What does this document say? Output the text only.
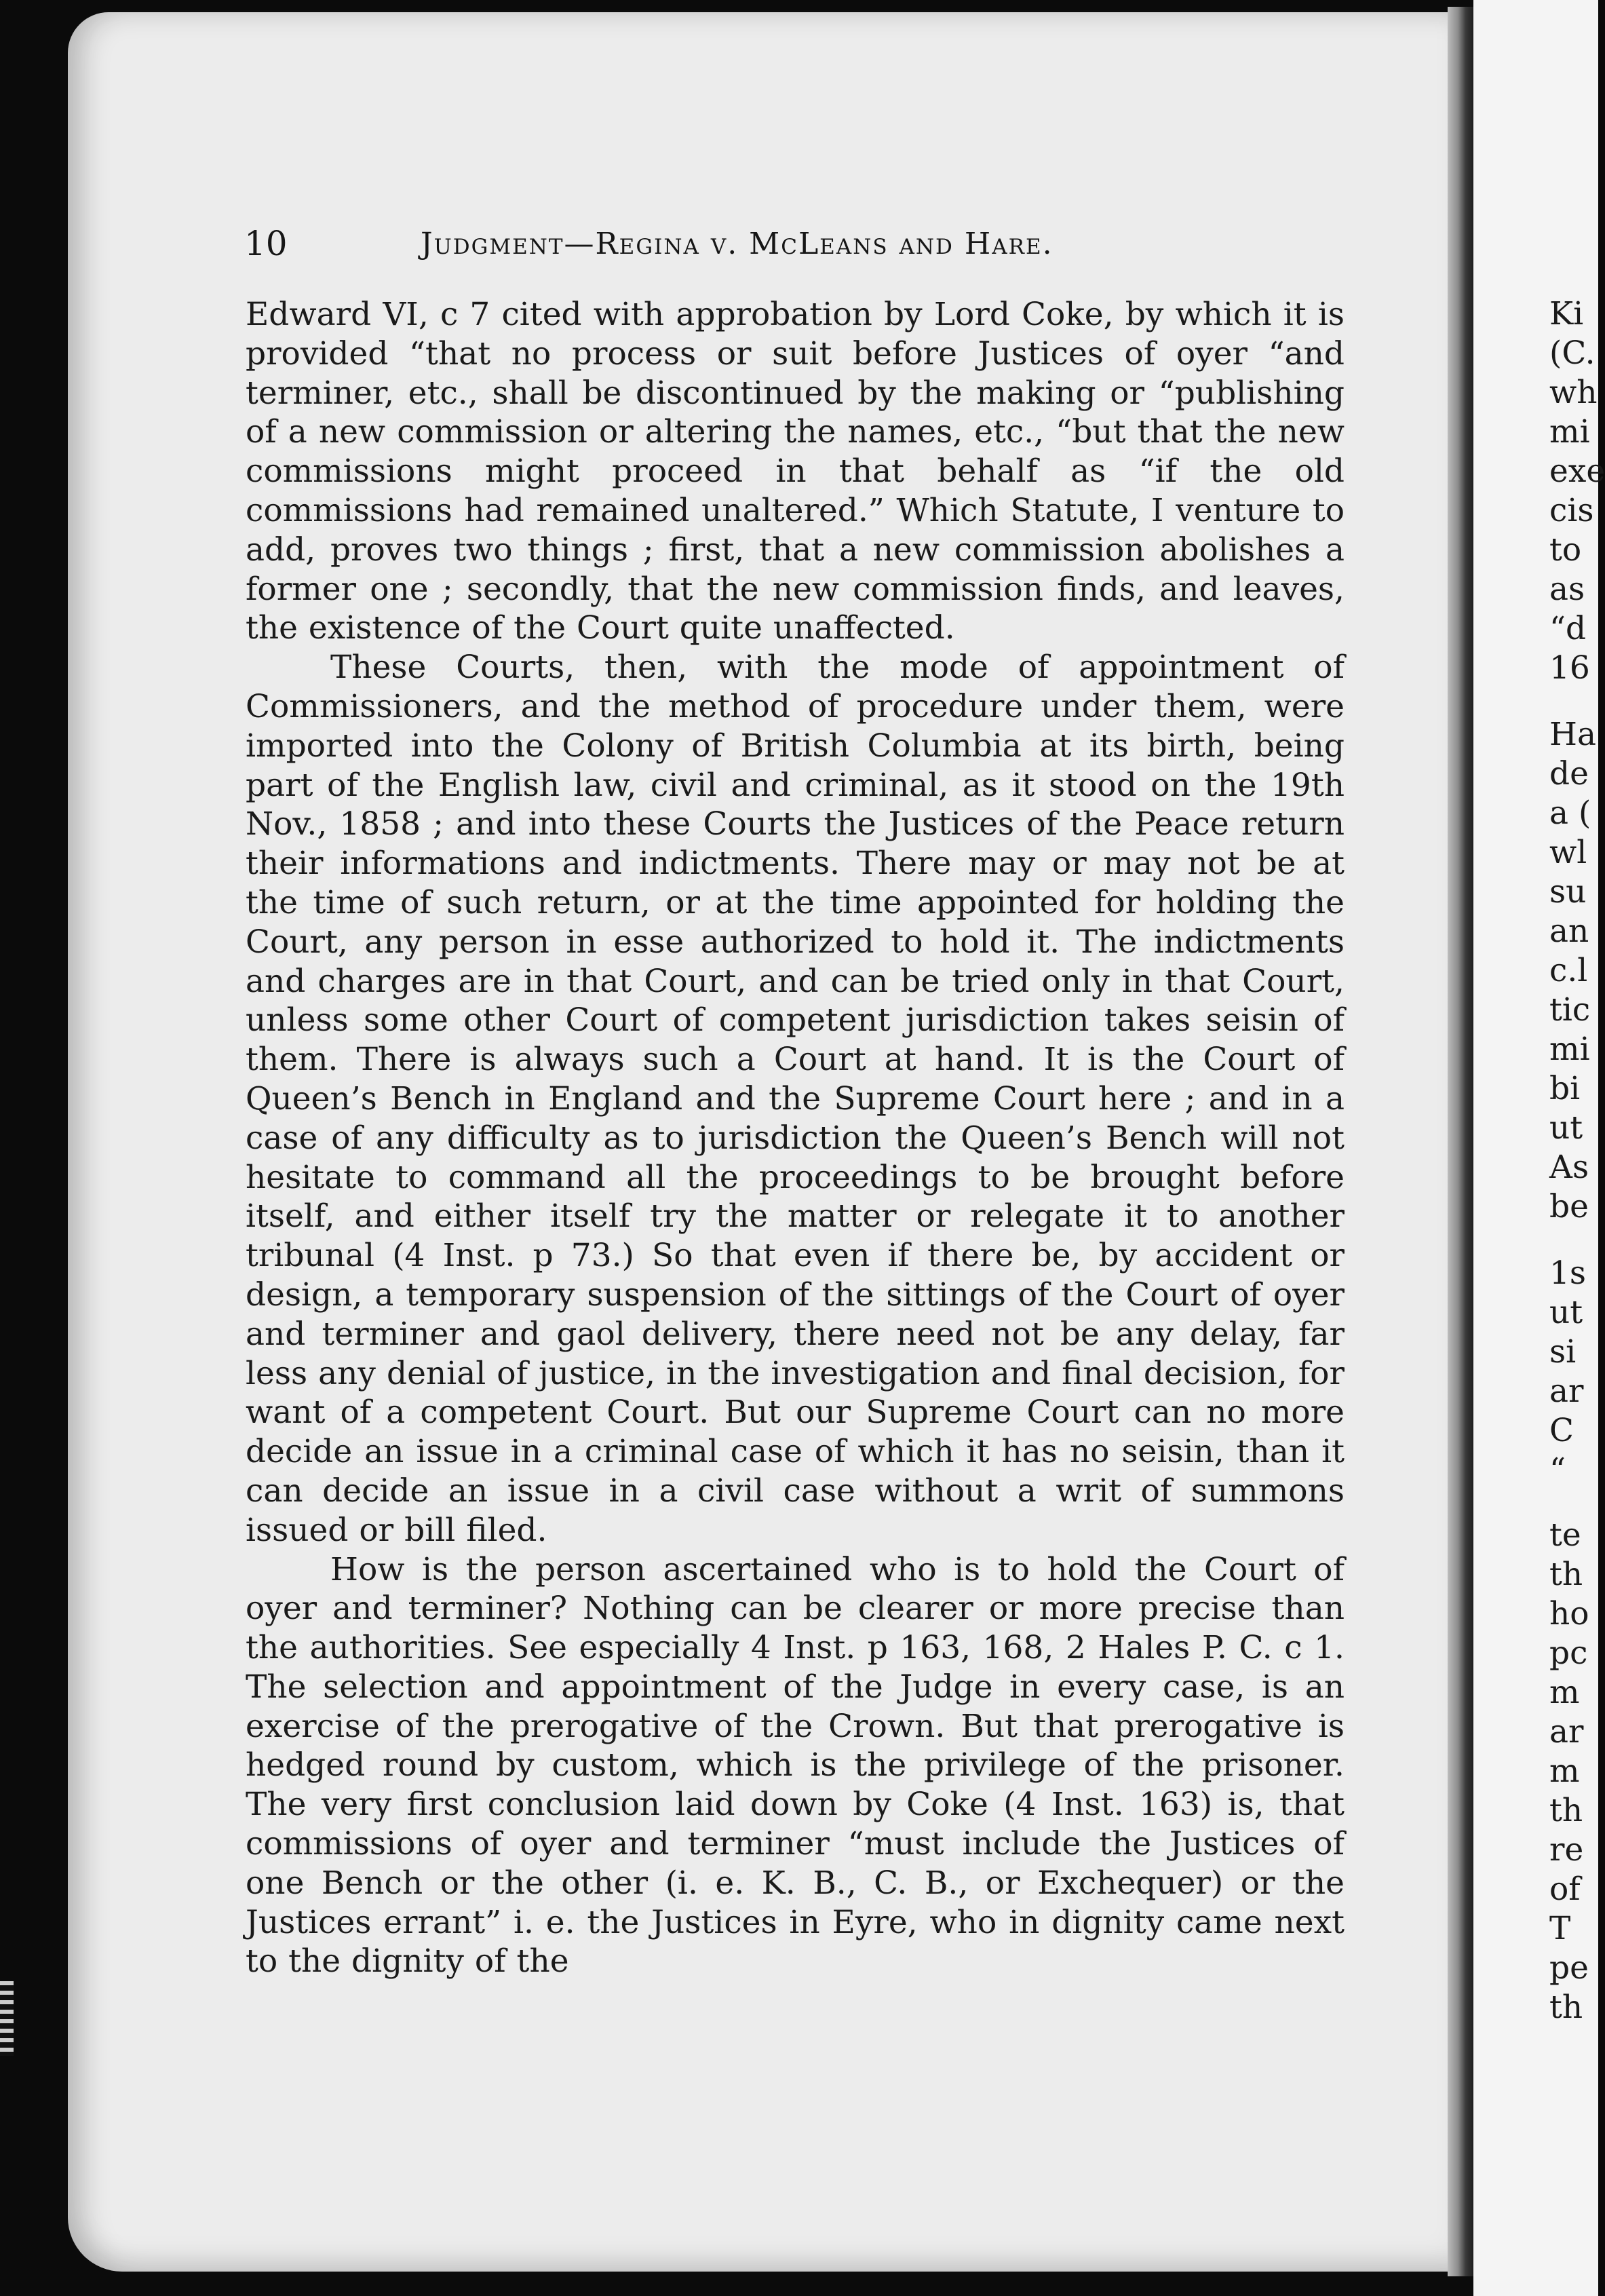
10	Judgment—Regina v. McLeans and Hare.

Edward VI, c 7 cited with approbation by Lord Coke, by which it is provided “that no process or suit before Justices of oyer “and terminer, etc., shall be discontinued by the making or “publishing of a new commission or altering the names, etc., “but that the new commissions might proceed in that behalf as “if the old commissions had remained unaltered.” Which Statute, I venture to add, proves two things ; first, that a new commission abolishes a former one ; secondly, that the new commission finds, and leaves, the existence of the Court quite unaffected.

These Courts, then, with the mode of appointment of Commissioners, and the method of procedure under them, were imported into the Colony of British Columbia at its birth, being part of the English law, civil and criminal, as it stood on the 19th Nov., 1858 ; and into these Courts the Justices of the Peace return their informations and indictments. There may or may not be at the time of such return, or at the time appointed for holding the Court, any person in esse authorized to hold it. The indictments and charges are in that Court, and can be tried only in that Court, unless some other Court of competent jurisdiction takes seisin of them. There is always such a Court at hand. It is the Court of Queen’s Bench in England and the Supreme Court here ; and in a case of any difficulty as to jurisdiction the Queen’s Bench will not hesitate to command all the proceedings to be brought before itself, and either itself try the matter or relegate it to another tribunal (4 Inst. p 73.) So that even if there be, by accident or design, a temporary suspension of the sittings of the Court of oyer and terminer and gaol delivery, there need not be any delay, far less any denial of justice, in the investigation and final decision, for want of a competent Court. But our Supreme Court can no more decide an issue in a criminal case of which it has no seisin, than it can decide an issue in a civil case without a writ of summons issued or bill filed.

How is the person ascertained who is to hold the Court of oyer and terminer? Nothing can be clearer or more precise than the authorities. See especially 4 Inst. p 163, 168, 2 Hales P. C. c 1. The selection and appointment of the Judge in every case, is an exercise of the prerogative of the Crown. But that prerogative is hedged round by custom, which is the privilege of the prisoner. The very first conclusion laid down by Coke (4 Inst. 163) is, that commissions of oyer and terminer “must include the Justices of one Bench or the other (i. e. K. B., C. B., or Exchequer) or the Justices errant” i. e. the Justices in Eyre, who in dignity came next to the dignity of the

Ki
(C.
wh
mi
exe
cis
to
as
“d
16
Ha
de
a (
wl
su
an
c.l
tic
mi
bi
ut
As
be
1s
ut
si
ar
C
“
te
th
ho
pc
m
ar
m
th
re
of
T
pe
th
